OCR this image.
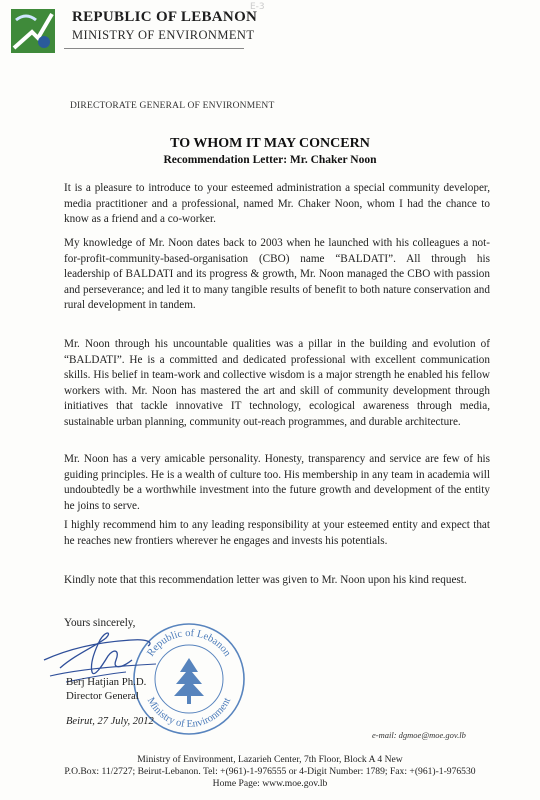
REPUBLIC OF LEBANON
MINISTRY OF ENVIRONMENT
E-3
DIRECTORATE GENERAL OF ENVIRONMENT
TO WHOM IT MAY CONCERN
Recommendation Letter: Mr. Chaker Noon

It is a pleasure to introduce to your esteemed administration a special community developer, media practitioner and a professional, named Mr. Chaker Noon, whom I had the chance to know as a friend and a co-worker.

My knowledge of Mr. Noon dates back to 2003 when he launched with his colleagues a not-for-profit-community-based-organisation (CBO) name “BALDATI”. All through his leadership of BALDATI and its progress & growth, Mr. Noon managed the CBO with passion and perseverance; and led it to many tangible results of benefit to both nature conservation and rural development in tandem.

Mr. Noon through his uncountable qualities was a pillar in the building and evolution of “BALDATI”. He is a committed and dedicated professional with excellent communication skills. His belief in team-work and collective wisdom is a major strength he enabled his fellow workers with. Mr. Noon has mastered the art and skill of community development through initiatives that tackle innovative IT technology, ecological awareness through media, sustainable urban planning, community out-reach programmes, and durable architecture.

Mr. Noon has a very amicable personality. Honesty, transparency and service are few of his guiding principles. He is a wealth of culture too. His membership in any team in academia will undoubtedly be a worthwhile investment into the future growth and development of the entity he joins to serve.

I highly recommend him to any leading responsibility at your esteemed entity and expect that he reaches new frontiers wherever he engages and invests his potentials.

Kindly note that this recommendation letter was given to Mr. Noon upon his kind request.

Yours sincerely,
Republic of Lebanon
Ministry of Environment
Berj Hatjian Ph.D.
Director General
Beirut, 27 July, 2012
e-mail: dgmoe@moe.gov.lb
Ministry of Environment, Lazarieh Center, 7th Floor, Block A 4 New
P.O.Box: 11/2727; Beirut-Lebanon. Tel: +(961)-1-976555 or 4-Digit Number: 1789; Fax: +(961)-1-976530
Home Page: www.moe.gov.lb
